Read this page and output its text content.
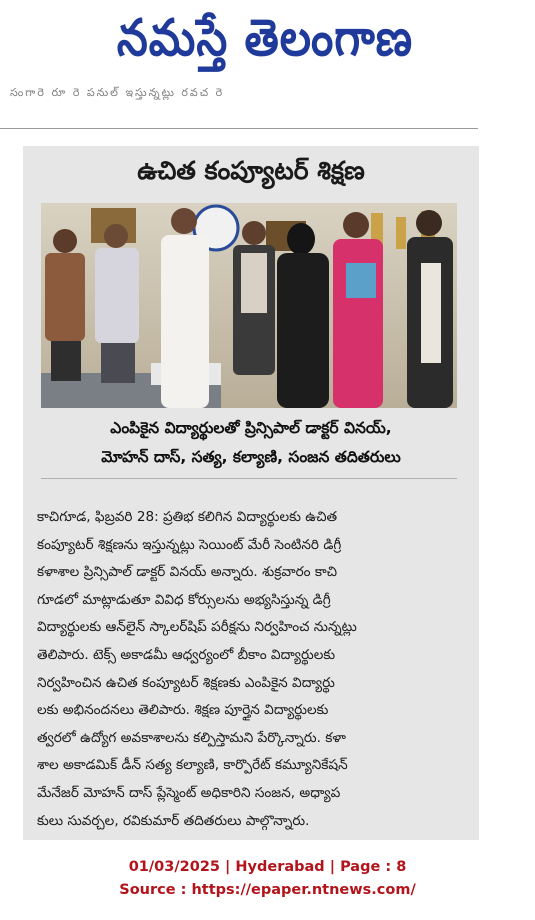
నమస్తే తెలంగాణ
సంగారె రూ రె పనుల్ ఇస్తున్నట్లు రవచ రె
ఉచిత కంప్యూటర్ శిక్షణ
ఎంపికైన విద్యార్థులతో ప్రిన్సిపాల్ డాక్టర్ వినయ్,
మోహన్ దాస్, సత్య, కల్యాణి, సంజన తదితరులు
కాచిగూడ, ఫిబ్రవరి 28: ప్రతిభ కలిగిన విద్యార్థులకు ఉచిత
కంప్యూటర్ శిక్షణను ఇస్తున్నట్లు సెయింట్ మేరీ సెంటినరి డిగ్రీ
కళాశాల ప్రిన్సిపాల్ డాక్టర్ వినయ్ అన్నారు. శుక్రవారం కాచి
గూడలో మాట్లాడుతూ వివిధ కోర్సులను అభ్యసిస్తున్న డిగ్రీ
విద్యార్థులకు ఆన్‌లైన్ స్కాలర్‌షిప్ పరీక్షను నిర్వహించ నున్నట్లు
తెలిపారు. టెక్స్ అకాడమీ ఆధ్వర్యంలో బీకాం విద్యార్థులకు
నిర్వహించిన ఉచిత కంప్యూటర్ శిక్షణకు ఎంపికైన విద్యార్థు
లకు అభినందనలు తెలిపారు. శిక్షణ పూర్తైన విద్యార్థులకు
త్వరలో ఉద్యోగ అవకాశాలను కల్పిస్తామని పేర్కొన్నారు. కళా
శాల అకాడమిక్ డీన్ సత్య కల్యాణి, కార్పొరేట్ కమ్యూనికేషన్
మేనేజర్ మోహన్ దాస్ ప్లేస్మెంట్ అధికారిని సంజన, అధ్యాప
కులు సువర్చల, రవికుమార్ తదితరులు పాల్గొన్నారు.
01/03/2025 | Hyderabad | Page : 8
Source : https://epaper.ntnews.com/
